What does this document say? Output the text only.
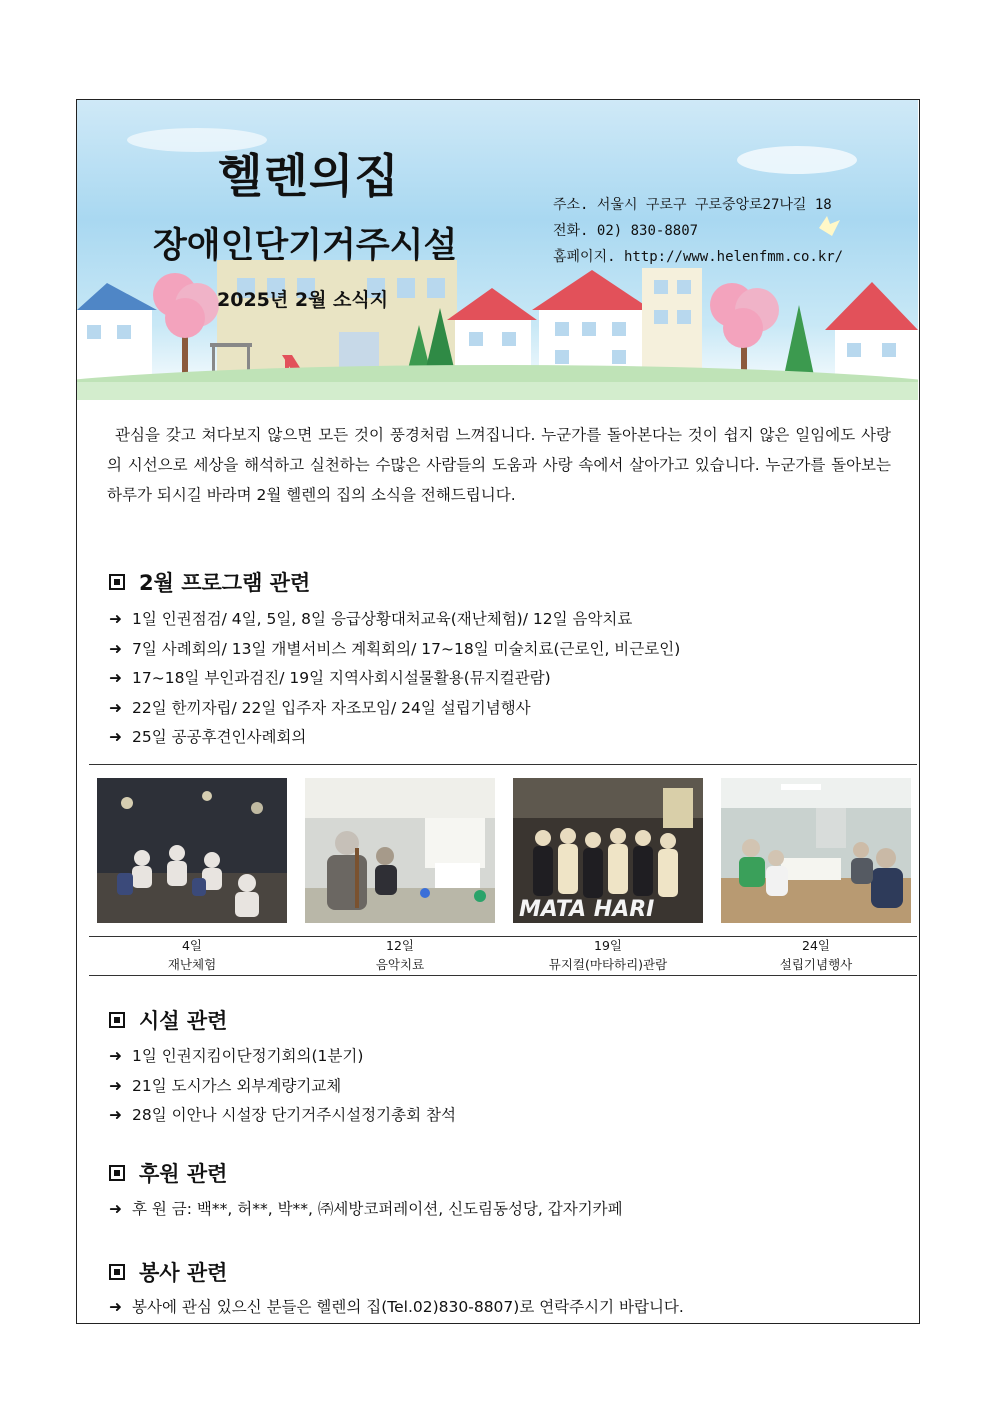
헬렌의집
장애인단기거주시설
2025년 2월 소식지
주소. 서울시 구로구 구로중앙로27나길 18
전화. 02) 830-8807
홈페이지. http://www.helenfmm.co.kr/
관심을 갖고 쳐다보지 않으면 모든 것이 풍경처럼 느껴집니다. 누군가를 돌아본다는 것이 쉽지 않은 일임에도 사랑의 시선으로 세상을 해석하고 실천하는 수많은 사람들의 도움과 사랑 속에서 살아가고 있습니다. 누군가를 돌아보는 하루가 되시길 바라며 2월 헬렌의 집의 소식을 전해드립니다.
2월 프로그램 관련
➜ 1일 인권점검/ 4일, 5일, 8일 응급상황대처교육(재난체험)/ 12일 음악치료
➜ 7일 사례회의/ 13일 개별서비스 계획회의/ 17~18일 미술치료(근로인, 비근로인)
➜ 17~18일 부인과검진/ 19일 지역사회시설물활용(뮤지컬관람)
➜ 22일 한끼자립/ 22일 입주자 자조모임/ 24일 설립기념행사
➜ 25일 공공후견인사례회의
MATA HARI
4일
재난체험
12일
음악치료
19일
뮤지컬(마타하리)관람
24일
설립기념행사
시설 관련
➜ 1일 인권지킴이단정기회의(1분기)
➜ 21일 도시가스 외부계량기교체
➜ 28일 이안나 시설장 단기거주시설정기총회 참석
후원 관련
➜ 후 원 금: 백**, 허**, 박**, ㈜세방코퍼레이션, 신도림동성당, 갑자기카페
봉사 관련
➜ 봉사에 관심 있으신 분들은 헬렌의 집(Tel.02)830-8807)로 연락주시기 바랍니다.
